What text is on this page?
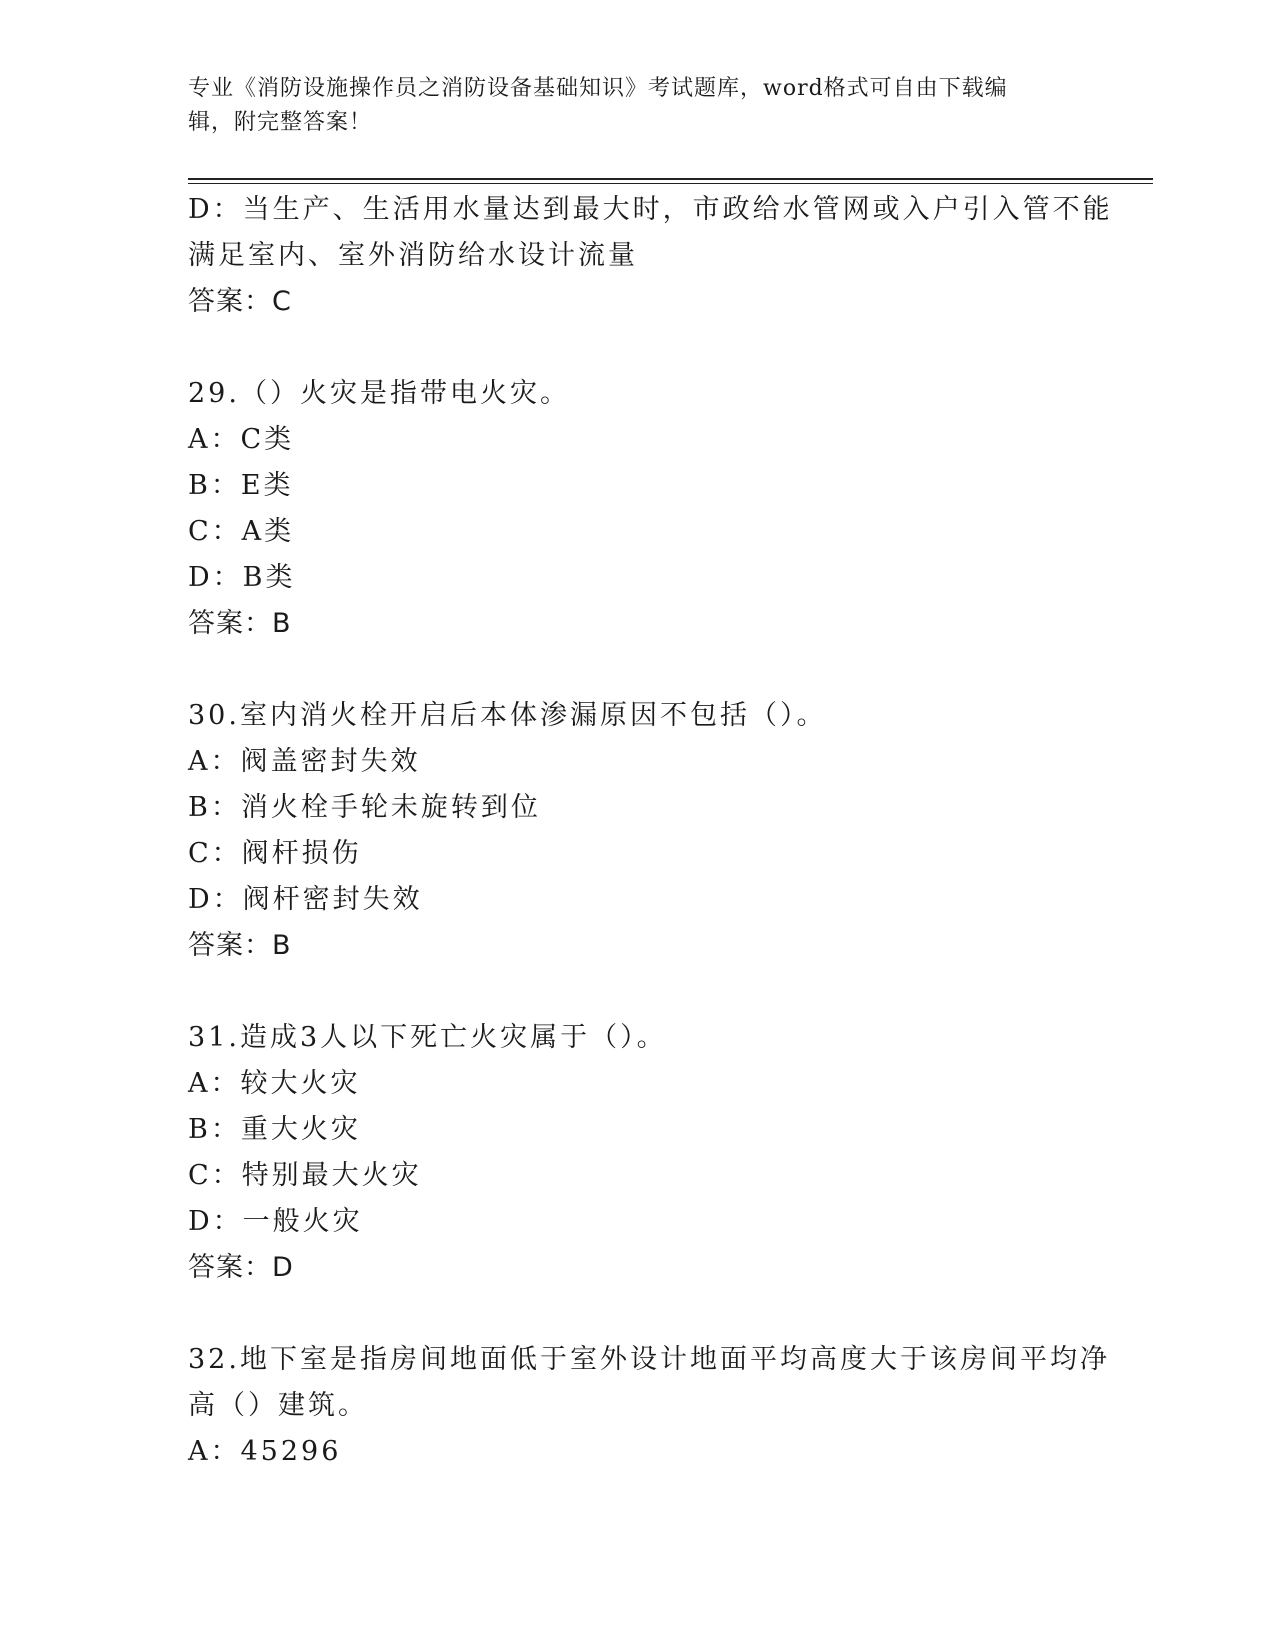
专业《消防设施操作员之消防设备基础知识》考试题库，word格式可自由下载编
辑，附完整答案！
D：当生产、生活用水量达到最大时，市政给水管网或入户引入管不能
满足室内、室外消防给水设计流量
答案：C
29.（）火灾是指带电火灾。
A：C类
B：E类
C：A类
D：B类
答案：B
30.室内消火栓开启后本体渗漏原因不包括（）。
A：阀盖密封失效
B：消火栓手轮未旋转到位
C：阀杆损伤
D：阀杆密封失效
答案：B
31.造成3人以下死亡火灾属于（）。
A：较大火灾
B：重大火灾
C：特别最大火灾
D：一般火灾
答案：D
32.地下室是指房间地面低于室外设计地面平均高度大于该房间平均净
高（）建筑。
A：45296
